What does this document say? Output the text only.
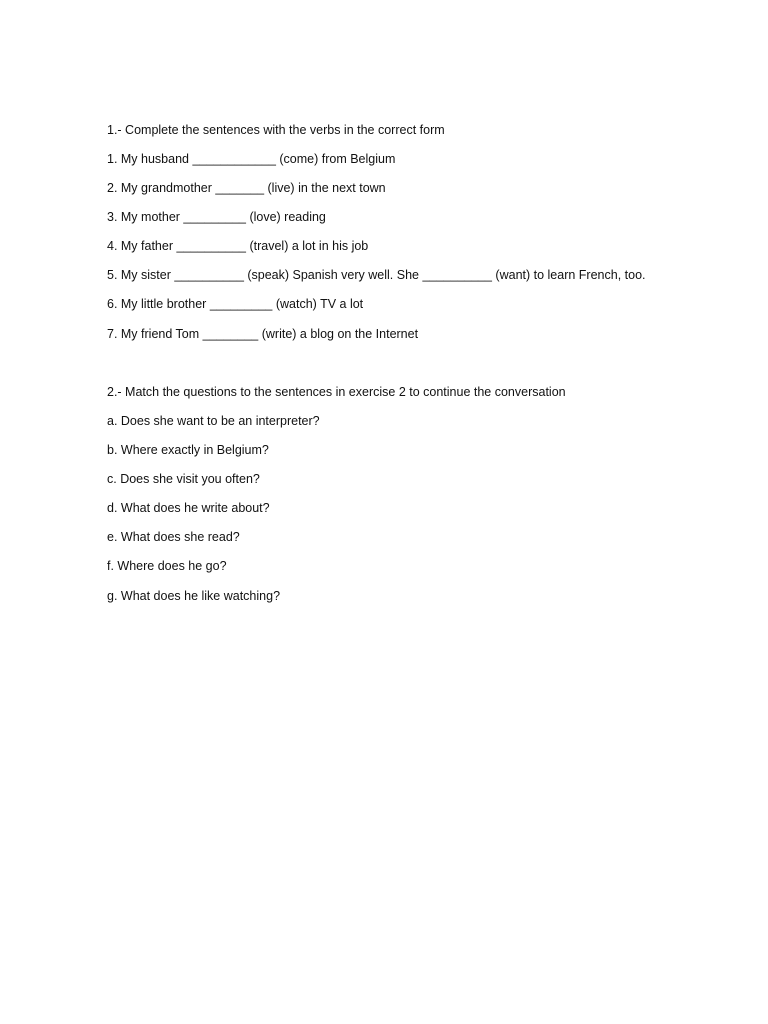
1.- Complete the sentences with the verbs in the correct form
1. My husband ____________ (come) from Belgium
2. My grandmother _______ (live) in the next town
3. My mother _________ (love) reading
4. My father __________ (travel) a lot in his job
5. My sister __________ (speak) Spanish very well. She __________ (want) to learn French, too.
6. My little brother _________ (watch) TV a lot
7. My friend Tom ________ (write) a blog on the Internet
2.- Match the questions to the sentences in exercise 2 to continue the conversation
a. Does she want to be an interpreter?
b. Where exactly in Belgium?
c. Does she visit you often?
d. What does he write about?
e. What does she read?
f. Where does he go?
g. What does he like watching?
